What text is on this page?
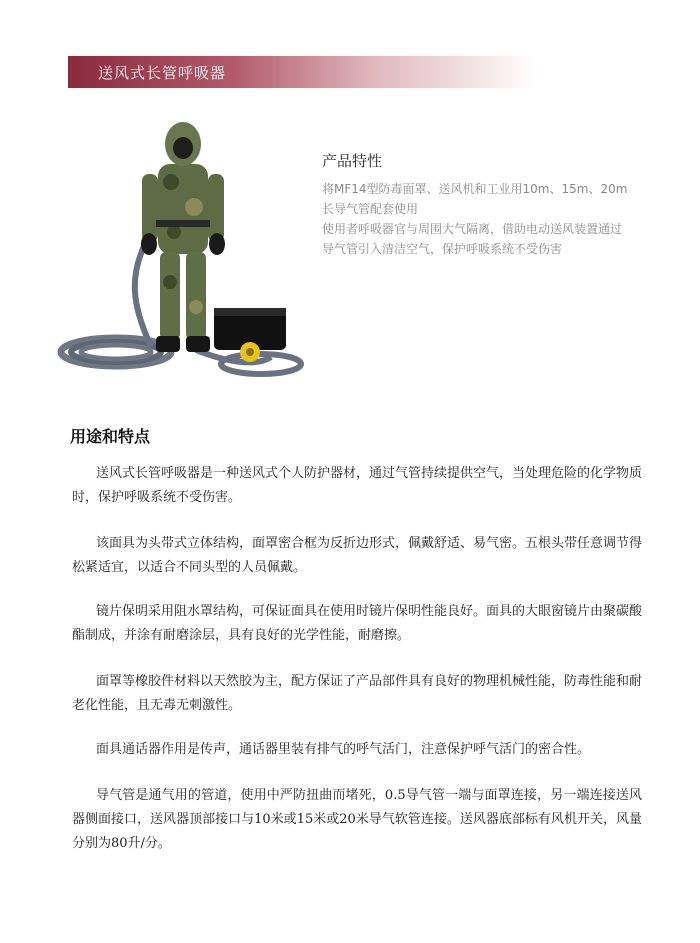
送风式长管呼吸器
产品特性

将MF14型防毒面罩、送风机和工业用10m、15m、20m

长导气管配套使用

使用者呼吸器官与周围大气隔离，借助电动送风装置通过

导气管引入清洁空气，保护呼吸系统不受伤害

用途和特点

送风式长管呼吸器是一种送风式个人防护器材，通过气管持续提供空气，当处理危险的化学物质时，保护呼吸系统不受伤害。

该面具为头带式立体结构，面罩密合框为反折边形式，佩戴舒适、易气密。五根头带任意调节得松紧适宜，以适合不同头型的人员佩戴。

镜片保明采用阻水罩结构，可保证面具在使用时镜片保明性能良好。面具的大眼窗镜片由聚碳酸酯制成，并涂有耐磨涂层，具有良好的光学性能，耐磨擦。

面罩等橡胶件材料以天然胶为主，配方保证了产品部件具有良好的物理机械性能，防毒性能和耐老化性能，且无毒无刺激性。

面具通话器作用是传声，通话器里装有排气的呼气活门，注意保护呼气活门的密合性。

导气管是通气用的管道，使用中严防扭曲而堵死，0.5导气管一端与面罩连接，另一端连接送风器侧面接口，送风器顶部接口与10米或15米或20米导气软管连接。送风器底部标有风机开关，风量分别为80升/分。
